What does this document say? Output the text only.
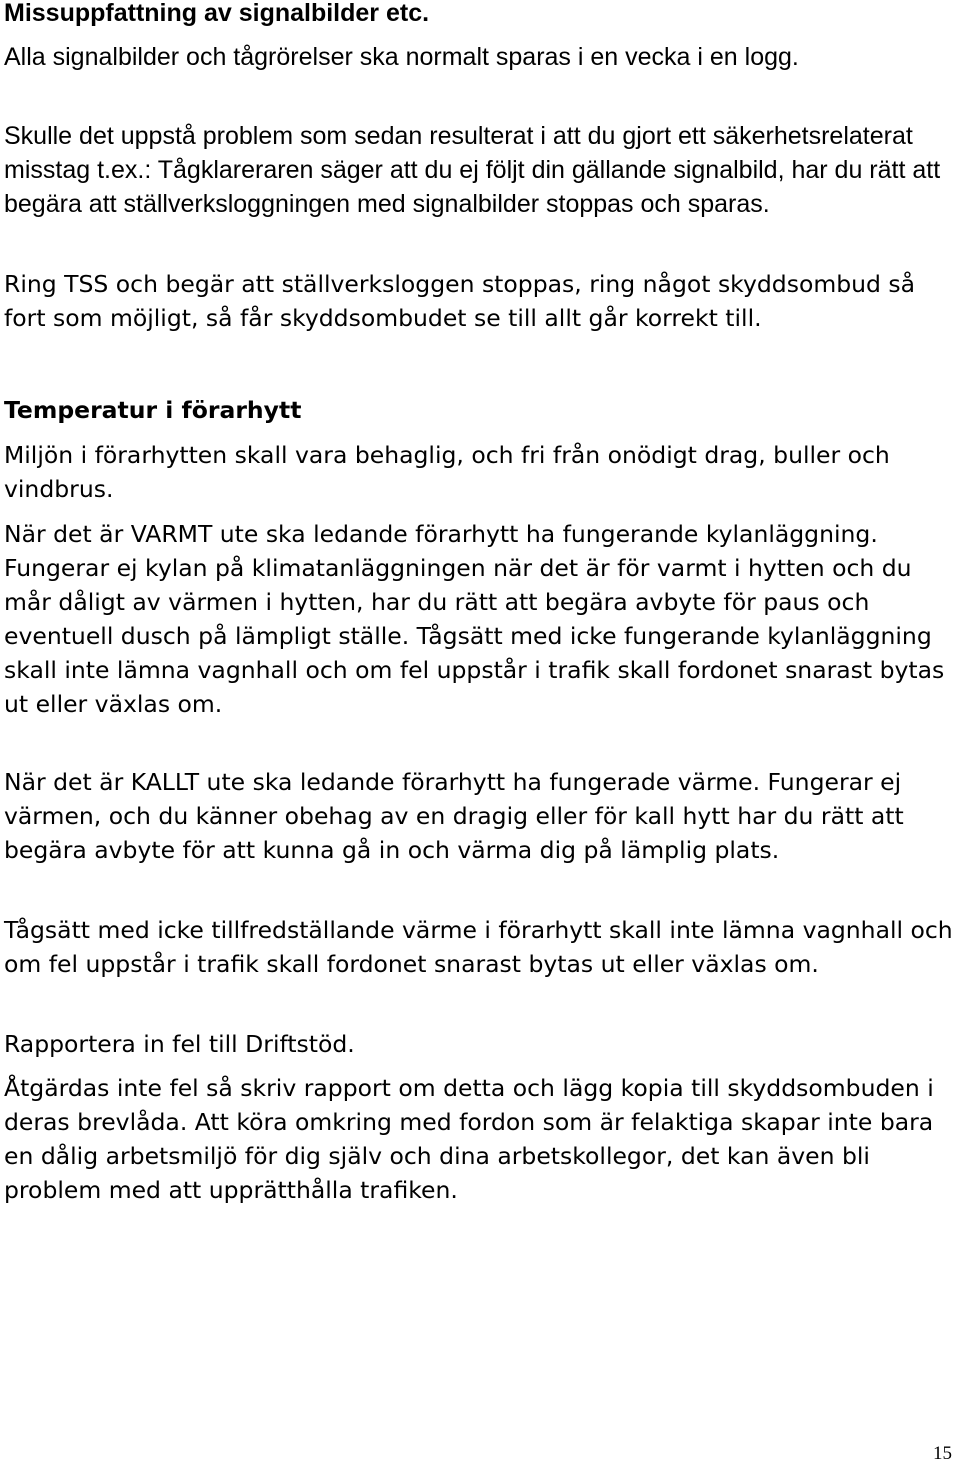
Missuppfattning av signalbilder etc.

Alla signalbilder och tågrörelser ska normalt sparas i en vecka i en logg.

Skulle det uppstå problem som sedan resulterat i att du gjort ett säkerhetsrelaterat misstag t.ex.: Tågklareraren säger att du ej följt din gällande signalbild, har du rätt att begära att ställverksloggningen med signalbilder stoppas och sparas.

Ring TSS och begär att ställverksloggen stoppas, ring något skyddsombud så fort som möjligt, så får skyddsombudet se till allt går korrekt till.

Temperatur i förarhytt

Miljön i förarhytten skall vara behaglig, och fri från onödigt drag, buller och vindbrus.

När det är VARMT ute ska ledande förarhytt ha fungerande kylanläggning. Fungerar ej kylan på klimatanläggningen när det är för varmt i hytten och du mår dåligt av värmen i hytten, har du rätt att begära avbyte för paus och eventuell dusch på lämpligt ställe. Tågsätt med icke fungerande kylanläggning skall inte lämna vagnhall och om fel uppstår i trafik skall fordonet snarast bytas ut eller växlas om.

När det är KALLT ute ska ledande förarhytt ha fungerade värme. Fungerar ej värmen, och du känner obehag av en dragig eller för kall hytt har du rätt att begära avbyte för att kunna gå in och värma dig på lämplig plats.

Tågsätt med icke tillfredställande värme i förarhytt skall inte lämna vagnhall och om fel uppstår i trafik skall fordonet snarast bytas ut eller växlas om.

Rapportera in fel till Driftstöd.

Åtgärdas inte fel så skriv rapport om detta och lägg kopia till skyddsombuden i deras brevlåda. Att köra omkring med fordon som är felaktiga skapar inte bara en dålig arbetsmiljö för dig själv och dina arbetskollegor, det kan även bli problem med att upprätthålla trafiken.

15
